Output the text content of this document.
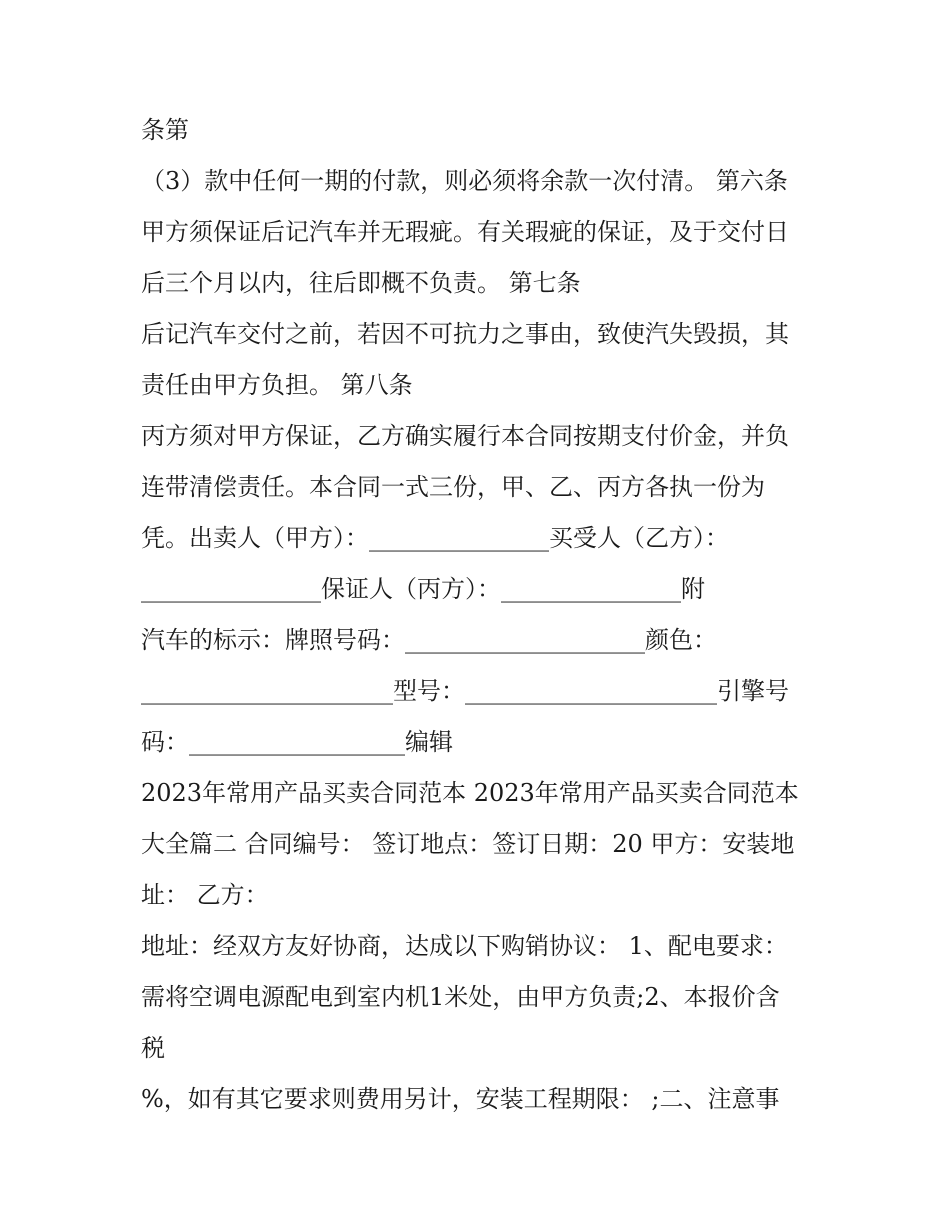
条第
（3）款中任何一期的付款，则必须将余款一次付清。 第六条
甲方须保证后记汽车并无瑕疵。有关瑕疵的保证，及于交付日
后三个月以内，往后即概不负责。 第七条
后记汽车交付之前，若因不可抗力之事由，致使汽失毁损，其
责任由甲方负担。 第八条
丙方须对甲方保证，乙方确实履行本合同按期支付价金，并负
连带清偿责任。本合同一式三份，甲、乙、丙方各执一份为
凭。出卖人（甲方）：_______________买受人（乙方）：
_______________保证人（丙方）：_______________附
汽车的标示：牌照号码：____________________颜色：
_____________________型号：_____________________引擎号
码：__________________编辑
2023年常用产品买卖合同范本 2023年常用产品买卖合同范本
大全篇二 合同编号： 签订地点：签订日期：20 甲方：安装地
址： 乙方：
地址：经双方友好协商，达成以下购销协议： 1、配电要求：
需将空调电源配电到室内机1米处，由甲方负责;2、本报价含
税
%，如有其它要求则费用另计，安装工程期限： ;二、注意事
